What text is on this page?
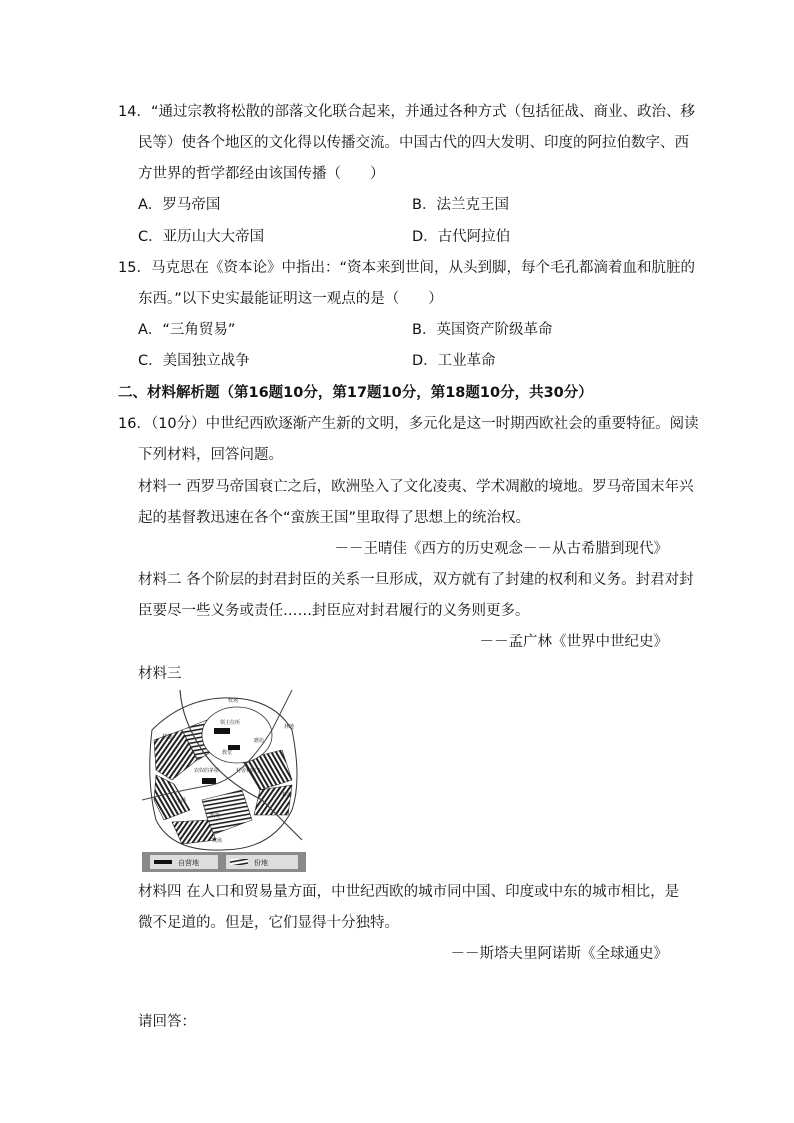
14．“通过宗教将松散的部落文化联合起来，并通过各种方式（包括征战、商业、政治、移
民等）使各个地区的文化得以传播交流。中国古代的四大发明、印度的阿拉伯数字、西
方世界的哲学都经由该国传播（　　）
A．罗马帝国	B．法兰克王国
C．亚历山大大帝国	D．古代阿拉伯
15．马克思在《资本论》中指出：“资本来到世间，从头到脚，每个毛孔都滴着血和肮脏的
东西。”以下史实最能证明这一观点的是（　　）
A．“三角贸易”	B．英国资产阶级革命
C．美国独立战争	D．工业革命
二、材料解析题（第16题10分，第17题10分，第18题10分，共30分）
16．（10分）中世纪西欧逐渐产生新的文明，多元化是这一时期西欧社会的重要特征。阅读
下列材料，回答问题。
材料一 西罗马帝国衰亡之后，欧洲坠入了文化凌夷、学术凋敝的境地。罗马帝国末年兴
起的基督教迅速在各个“蛮族王国”里取得了思想上的统治权。
－－王晴佳《西方的历史观念－－从古希腊到现代》
材料二 各个阶层的封君封臣的关系一旦形成，双方就有了封建的权利和义务。封君对封
臣要尽一些义务或责任……封臣应对封君履行的义务则更多。
－－孟广林《世界中世纪史》
材料三
牧场
林地
林地
领主住所
教堂
磨坊
农奴的茅屋	村舍和院子
小溪
牧场
林地
牧场
自营地	份地
材料四 在人口和贸易量方面，中世纪西欧的城市同中国、印度或中东的城市相比，是
微不足道的。但是，它们显得十分独特。
－－斯塔夫里阿诺斯《全球通史》
请回答：
